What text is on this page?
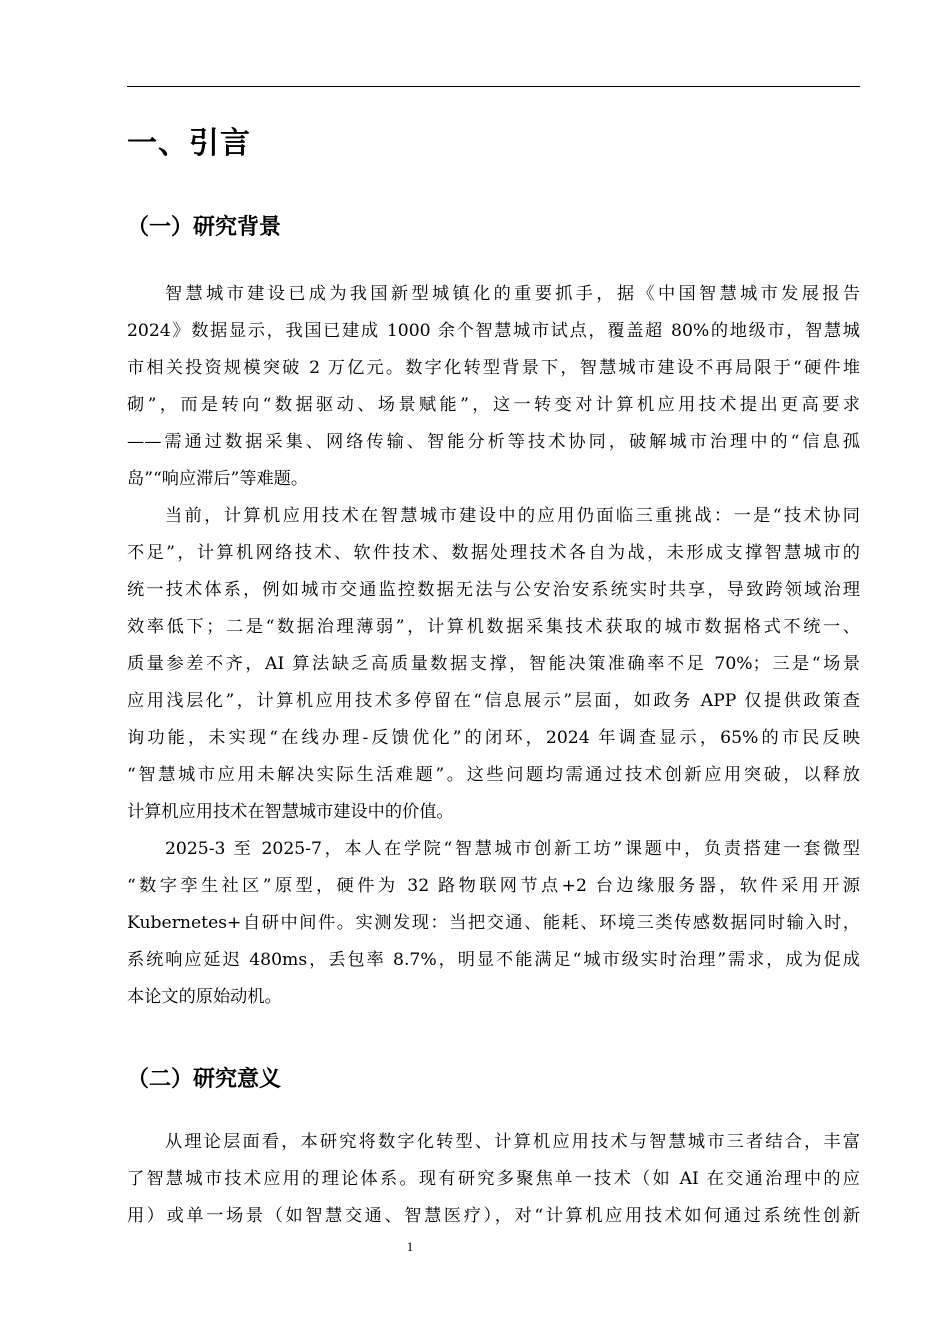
一、引言
（一）研究背景
智慧城市建设已成为我国新型城镇化的重要抓手，据《中国智慧城市发展报告
2024》数据显示，我国已建成 1000 余个智慧城市试点，覆盖超 80%的地级市，智慧城
市相关投资规模突破 2 万亿元。数字化转型背景下，智慧城市建设不再局限于“硬件堆
砌”，而是转向“数据驱动、场景赋能”，这一转变对计算机应用技术提出更高要求
——需通过数据采集、网络传输、智能分析等技术协同，破解城市治理中的“信息孤
岛”“响应滞后”等难题。
当前，计算机应用技术在智慧城市建设中的应用仍面临三重挑战：一是“技术协同
不足”，计算机网络技术、软件技术、数据处理技术各自为战，未形成支撑智慧城市的
统一技术体系，例如城市交通监控数据无法与公安治安系统实时共享，导致跨领域治理
效率低下；二是“数据治理薄弱”，计算机数据采集技术获取的城市数据格式不统一、
质量参差不齐，AI 算法缺乏高质量数据支撑，智能决策准确率不足 70%；三是“场景
应用浅层化”，计算机应用技术多停留在“信息展示”层面，如政务 APP 仅提供政策查
询功能，未实现“在线办理-反馈优化”的闭环，2024 年调查显示，65%的市民反映
“智慧城市应用未解决实际生活难题”。这些问题均需通过技术创新应用突破，以释放
计算机应用技术在智慧城市建设中的价值。
2025-3 至 2025-7，本人在学院“智慧城市创新工坊”课题中，负责搭建一套微型
“数字孪生社区”原型，硬件为 32 路物联网节点+2 台边缘服务器，软件采用开源
Kubernetes+自研中间件。实测发现：当把交通、能耗、环境三类传感数据同时输入时，
系统响应延迟 480ms，丢包率 8.7%，明显不能满足“城市级实时治理”需求，成为促成
本论文的原始动机。
（二）研究意义
从理论层面看，本研究将数字化转型、计算机应用技术与智慧城市三者结合，丰富
了智慧城市技术应用的理论体系。现有研究多聚焦单一技术（如 AI 在交通治理中的应
用）或单一场景（如智慧交通、智慧医疗），对“计算机应用技术如何通过系统性创新
1
